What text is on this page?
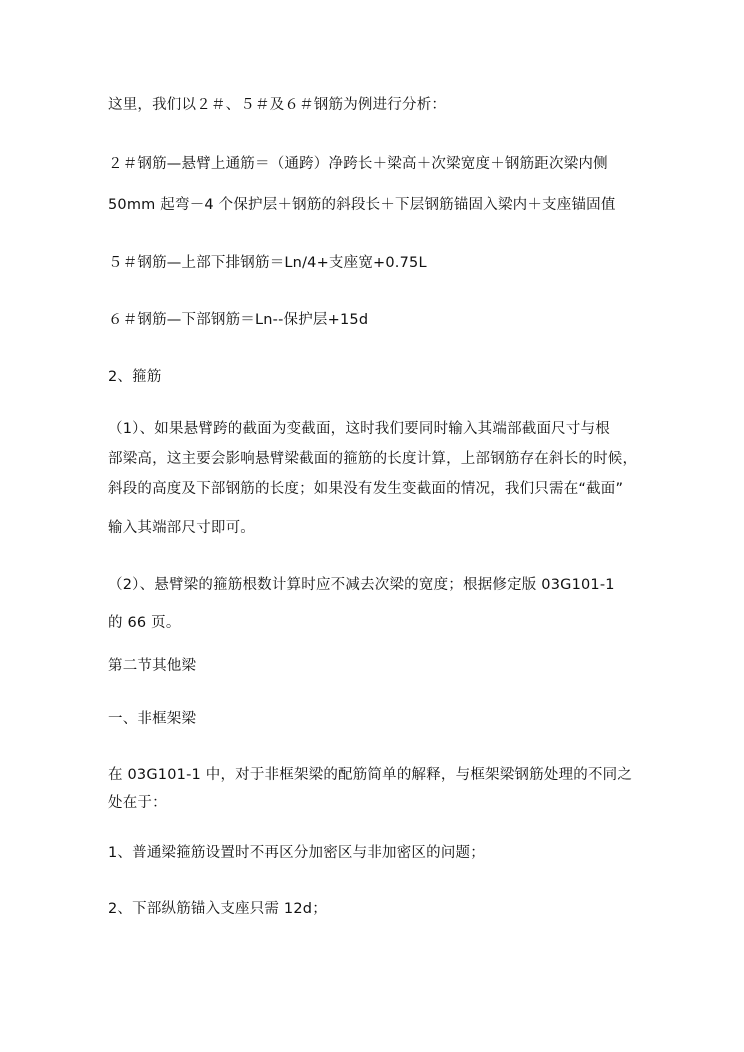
这里，我们以２＃、５＃及６＃钢筋为例进行分析：
２＃钢筋—悬臂上通筋＝（通跨）净跨长＋梁高＋次梁宽度＋钢筋距次梁内侧
50mm 起弯－4 个保护层＋钢筋的斜段长＋下层钢筋锚固入梁内＋支座锚固值
５＃钢筋—上部下排钢筋＝Ln/4+支座宽+0.75L
６＃钢筋—下部钢筋＝Ln--保护层+15d
2、箍筋
（1）、如果悬臂跨的截面为变截面，这时我们要同时输入其端部截面尺寸与根
部梁高，这主要会影响悬臂梁截面的箍筋的长度计算，上部钢筋存在斜长的时候，
斜段的高度及下部钢筋的长度；如果没有发生变截面的情况，我们只需在“截面”
输入其端部尺寸即可。
（2）、悬臂梁的箍筋根数计算时应不减去次梁的宽度；根据修定版 03G101-1
的 66 页。
第二节其他梁
一、非框架梁
在 03G101-1 中，对于非框架梁的配筋简单的解释，与框架梁钢筋处理的不同之
处在于：
1、普通梁箍筋设置时不再区分加密区与非加密区的问题；
2、下部纵筋锚入支座只需 12d；
